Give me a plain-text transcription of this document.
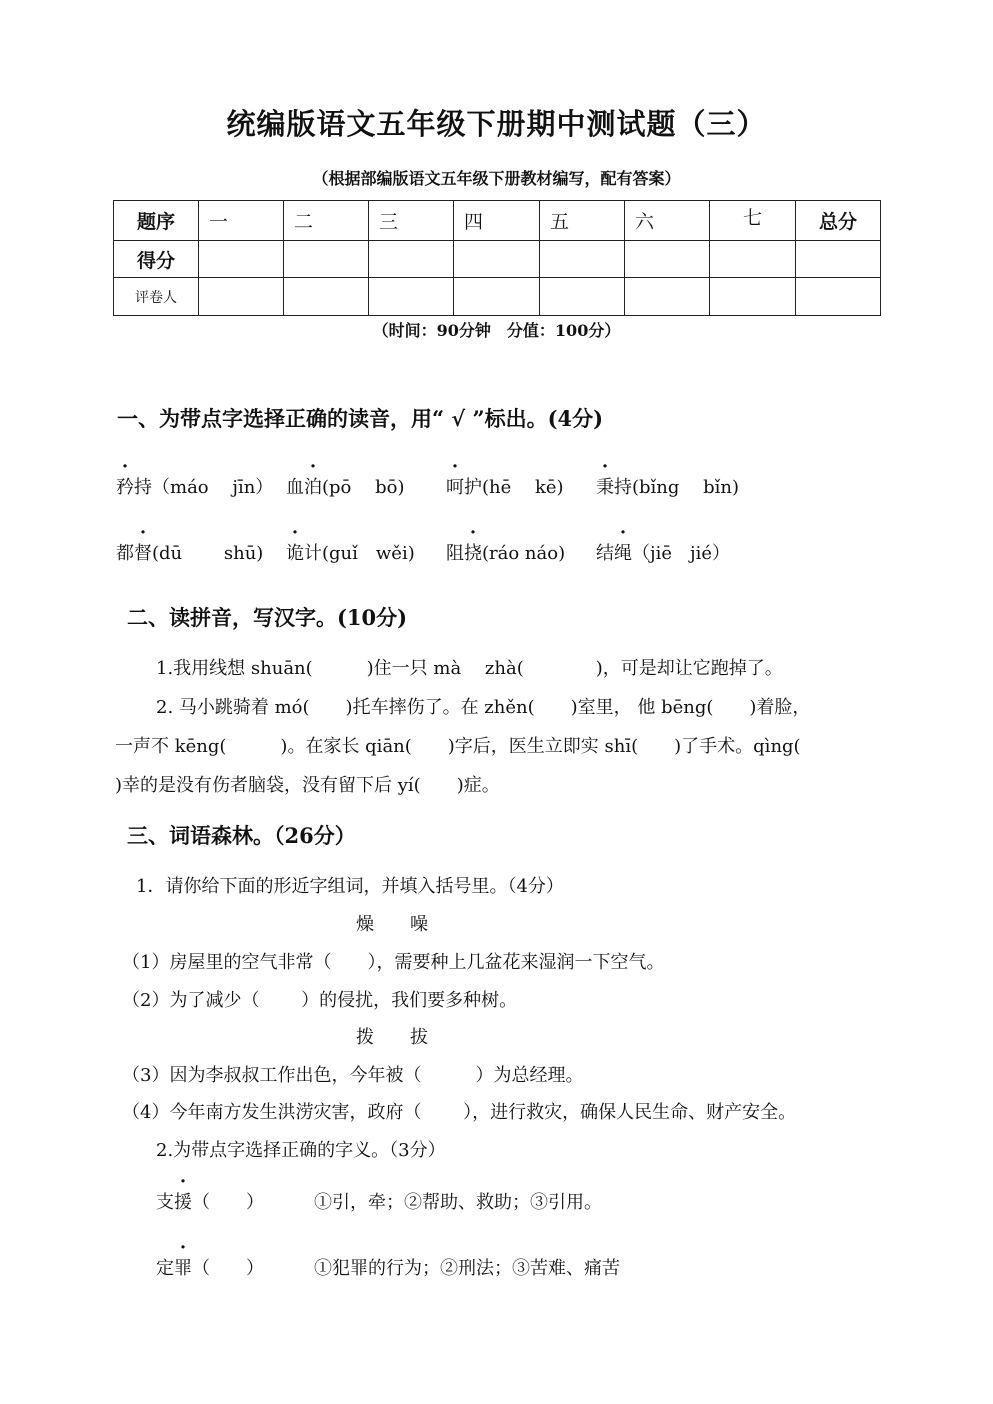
统编版语文五年级下册期中测试题（三）
（根据部编版语文五年级下册教材编写，配有答案）
题序	一	二	三	四	五	六	七	总分
得分								
评卷人								
（时间：90分钟　分值：100分）
一、为带点字选择正确的读音，用“ √ ”标出。(4分)
矜持（máo　 jīn） 血泊(pō　 bō) 呵护(hē　 kē) 秉持(bǐng　 bǐn)
都督(dū　　 shū) 诡计(guǐ　wěi) 阻挠(ráo náo) 结绳（jiē　jié）
二、读拼音，写汉字。(10分)
1.我用线想 shuān(　　　)住一只 mà　 zhà(　　　　)，可是却让它跑掉了。
2. 马小跳骑着 mó(　　)托车摔伤了。在 zhěn(　　)室里， 他 bēng(　　)着脸，
一声不 kēng(　　　)。在家长 qiān(　　)字后，医生立即实 shī(　　)了手术。qìng(
)幸的是没有伤者脑袋，没有留下后 yí(　　)症。
三、词语森林。（26分）
1．请你给下面的形近字组词，并填入括号里。（4分）
燥　　噪
（1）房屋里的空气非常（　　），需要种上几盆花来湿润一下空气。
（2）为了减少（　　 ）的侵扰，我们要多种树。
拨　　拔
（3）因为李叔叔工作出色，今年被（　　　）为总经理。
（4）今年南方发生洪涝灾害，政府（　　 ），进行救灾，确保人民生命、财产安全。
2.为带点字选择正确的字义。（3分）
支援（　　）	①引，牵；②帮助、救助；③引用。
定罪（　　）	①犯罪的行为；②刑法；③苦难、痛苦
